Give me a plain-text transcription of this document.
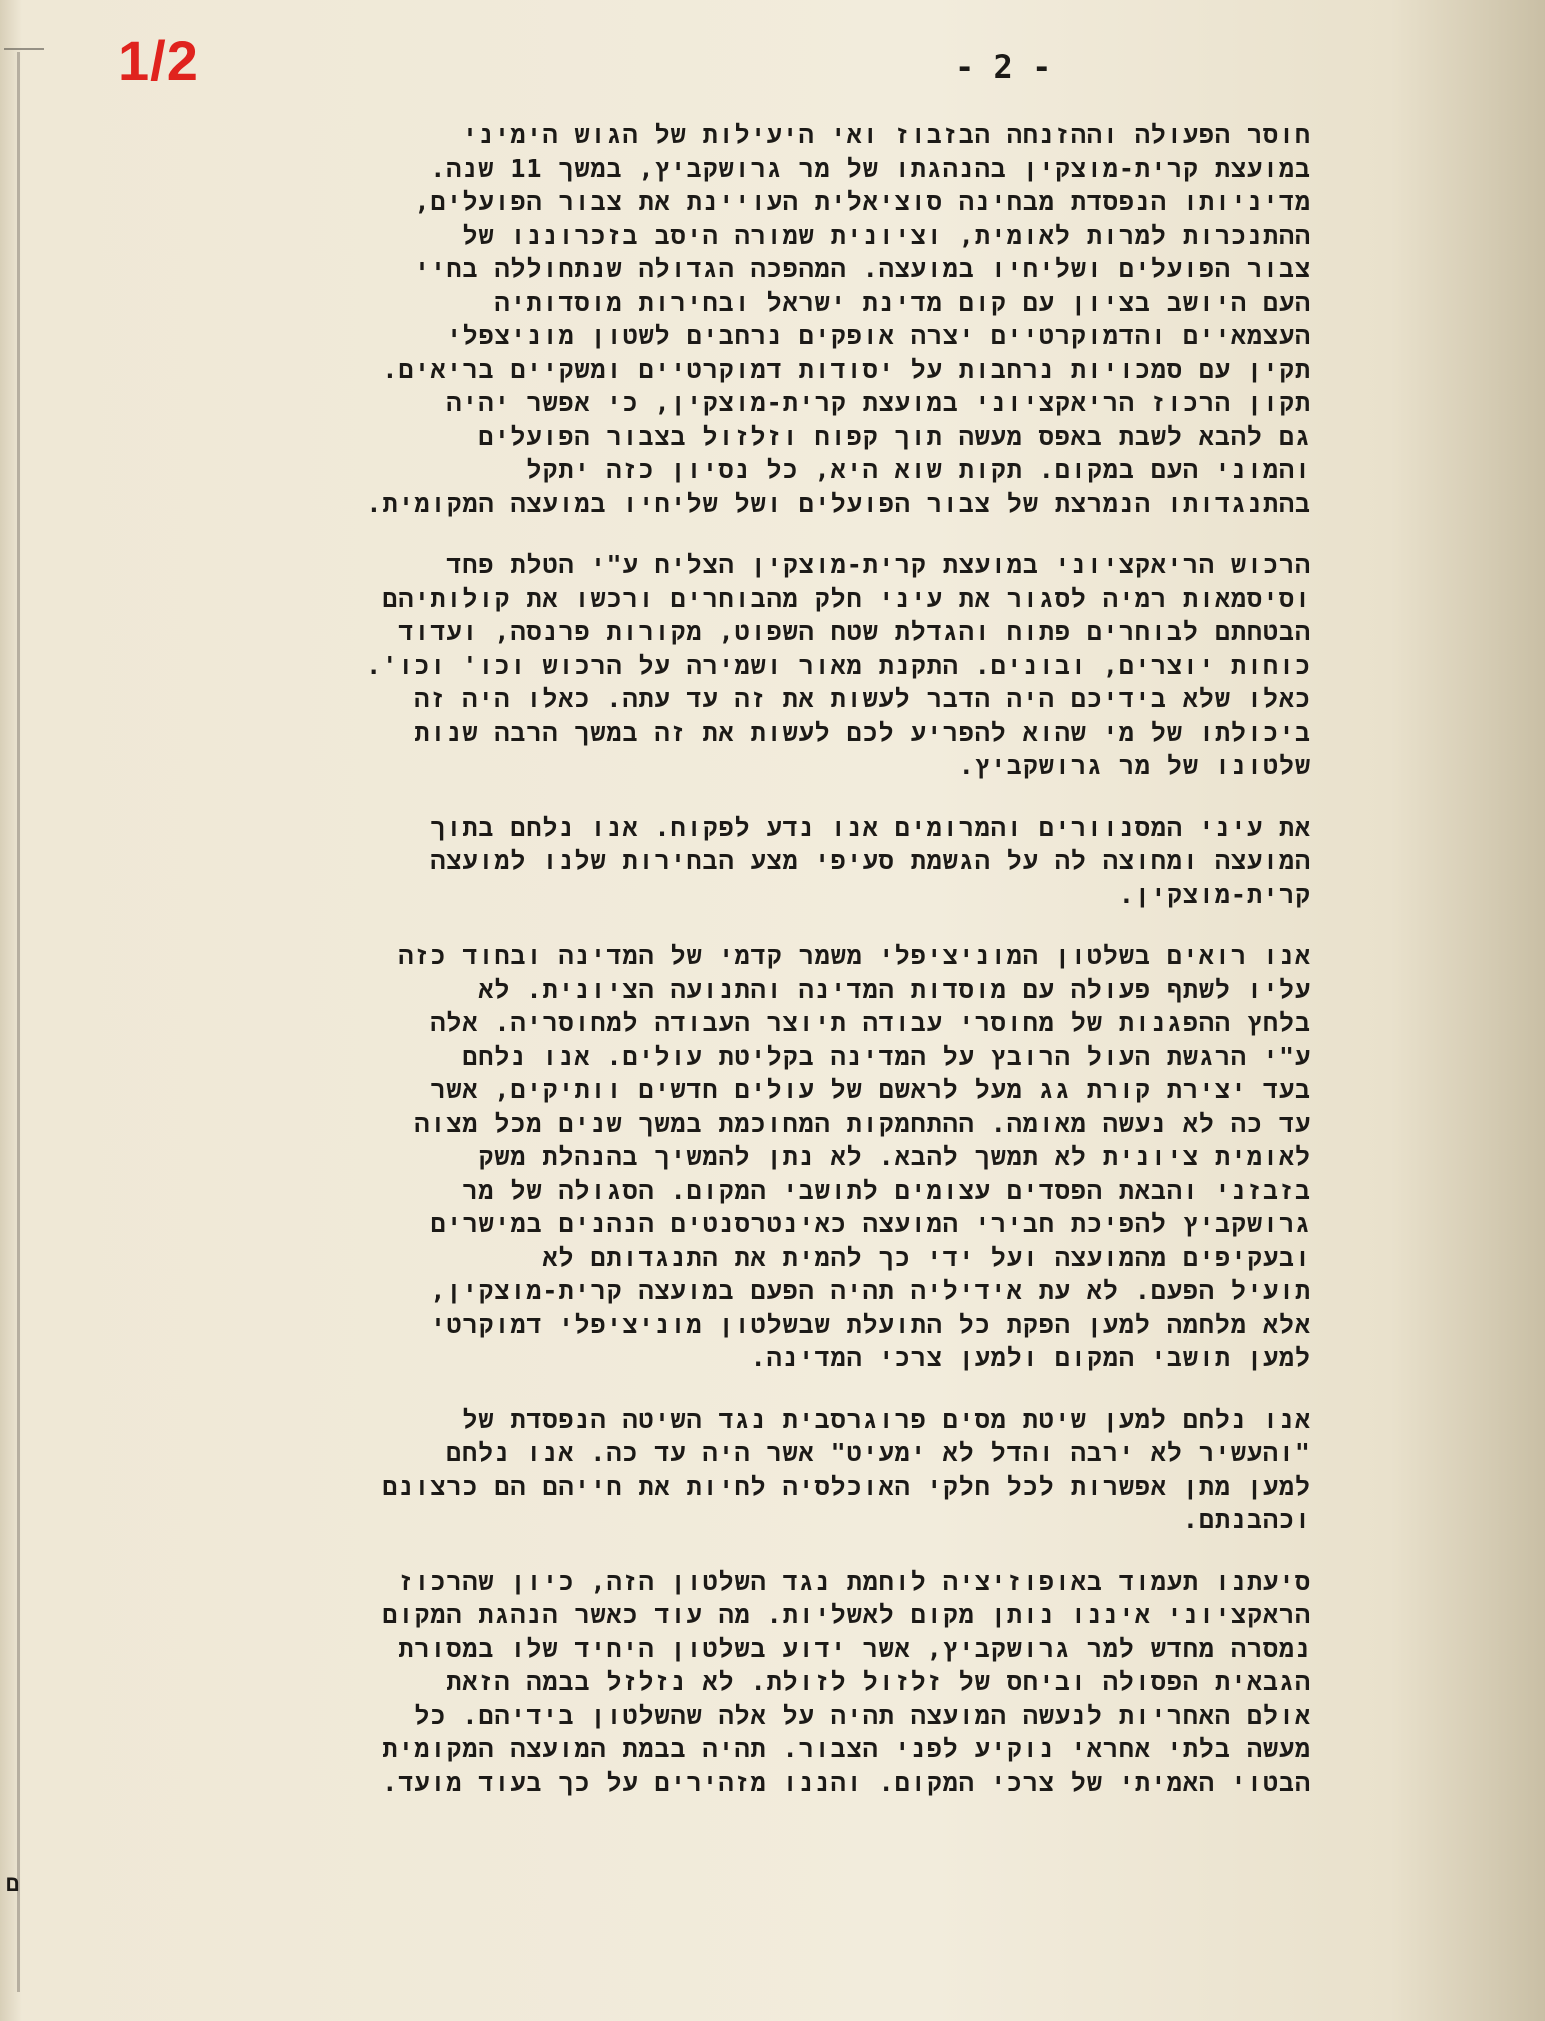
1/2	- 2 -

חוסר הפעולה וההזנחה הבזבוז ואי היעילות של הגוש הימיני
במועצת קרית-מוצקין בהנהגתו של מר גרושקביץ, במשך 11 שנה.
מדיניותו הנפסדת מבחינה סוציאלית העויינת את צבור הפועלים,
ההתנכרות למרות לאומית, וציונית שמורה היסב בזכרוננו של
צבור הפועלים ושליחיו במועצה. המהפכה הגדולה שנתחוללה בחיי
העם היושב בציון עם קום מדינת ישראל ובחירות מוסדותיה
העצמאיים והדמוקרטיים יצרה אופקים נרחבים לשטון מוניצפלי
תקין עם סמכויות נרחבות על יסודות דמוקרטיים ומשקיים בריאים.
תקון הרכוז הריאקציוני במועצת קרית-מוצקין, כי אפשר יהיה
גם להבא לשבת באפס מעשה תוך קפוח וזלזול בצבור הפועלים
והמוני העם במקום. תקות שוא היא, כל נסיון כזה יתקל
בהתנגדותו הנמרצת של צבור הפועלים ושל שליחיו במועצה המקומית.

הרכוש הריאקציוני במועצת קרית-מוצקין הצליח ע"י הטלת פחד
וסיסמאות רמיה לסגור את עיני חלק מהבוחרים ורכשו את קולותיהם
הבטחתם לבוחרים פתוח והגדלת שטח השפוט, מקורות פרנסה, ועדוד
כוחות יוצרים, ובונים. התקנת מאור ושמירה על הרכוש וכו' וכו'.
כאלו שלא בידיכם היה הדבר לעשות את זה עד עתה. כאלו היה זה
ביכולתו של מי שהוא להפריע לכם לעשות את זה במשך הרבה שנות
שלטונו של מר גרושקביץ.

את עיני המסנוורים והמרומים אנו נדע לפקוח. אנו נלחם בתוך
המועצה ומחוצה לה על הגשמת סעיפי מצע הבחירות שלנו למועצה
קרית-מוצקין.

אנו רואים בשלטון המוניציפלי משמר קדמי של המדינה ובחוד כזה
עליו לשתף פעולה עם מוסדות המדינה והתנועה הציונית. לא
בלחץ ההפגנות של מחוסרי עבודה תיוצר העבודה למחוסריה. אלה
ע"י הרגשת העול הרובץ על המדינה בקליטת עולים. אנו נלחם
בעד יצירת קורת גג מעל לראשם של עולים חדשים וותיקים, אשר
עד כה לא נעשה מאומה. ההתחמקות המחוכמת במשך שנים מכל מצוה
לאומית ציונית לא תמשך להבא. לא נתן להמשיך בהנהלת משק
בזבזני והבאת הפסדים עצומים לתושבי המקום. הסגולה של מר
גרושקביץ להפיכת חבירי המועצה כאינטרסנטים הנהנים במישרים
ובעקיפים מהמועצה ועל ידי כך להמית את התנגדותם לא
תועיל הפעם. לא עת אידיליה תהיה הפעם במועצה קרית-מוצקין,
אלא מלחמה למען הפקת כל התועלת שבשלטון מוניציפלי דמוקרטי
למען תושבי המקום ולמען צרכי המדינה.

אנו נלחם למען שיטת מסים פרוגרסבית נגד השיטה הנפסדת של
"והעשיר לא ירבה והדל לא ימעיט" אשר היה עד כה. אנו נלחם
למען מתן אפשרות לכל חלקי האוכלסיה לחיות את חייהם הם כרצונם
וכהבנתם.

סיעתנו תעמוד באופוזיציה לוחמת נגד השלטון הזה, כיון שהרכוז
הראקציוני איננו נותן מקום לאשליות. מה עוד כאשר הנהגת המקום
נמסרה מחדש למר גרושקביץ, אשר ידוע בשלטון היחיד שלו במסורת
הגבאית הפסולה וביחס של זלזול לזולת. לא נזלזל בבמה הזאת
אולם האחריות לנעשה המועצה תהיה על אלה שהשלטון בידיהם. כל
מעשה בלתי אחראי נוקיע לפני הצבור. תהיה בבמת המועצה המקומית
הבטוי האמיתי של צרכי המקום. והננו מזהירים על כך בעוד מועד.

ם
